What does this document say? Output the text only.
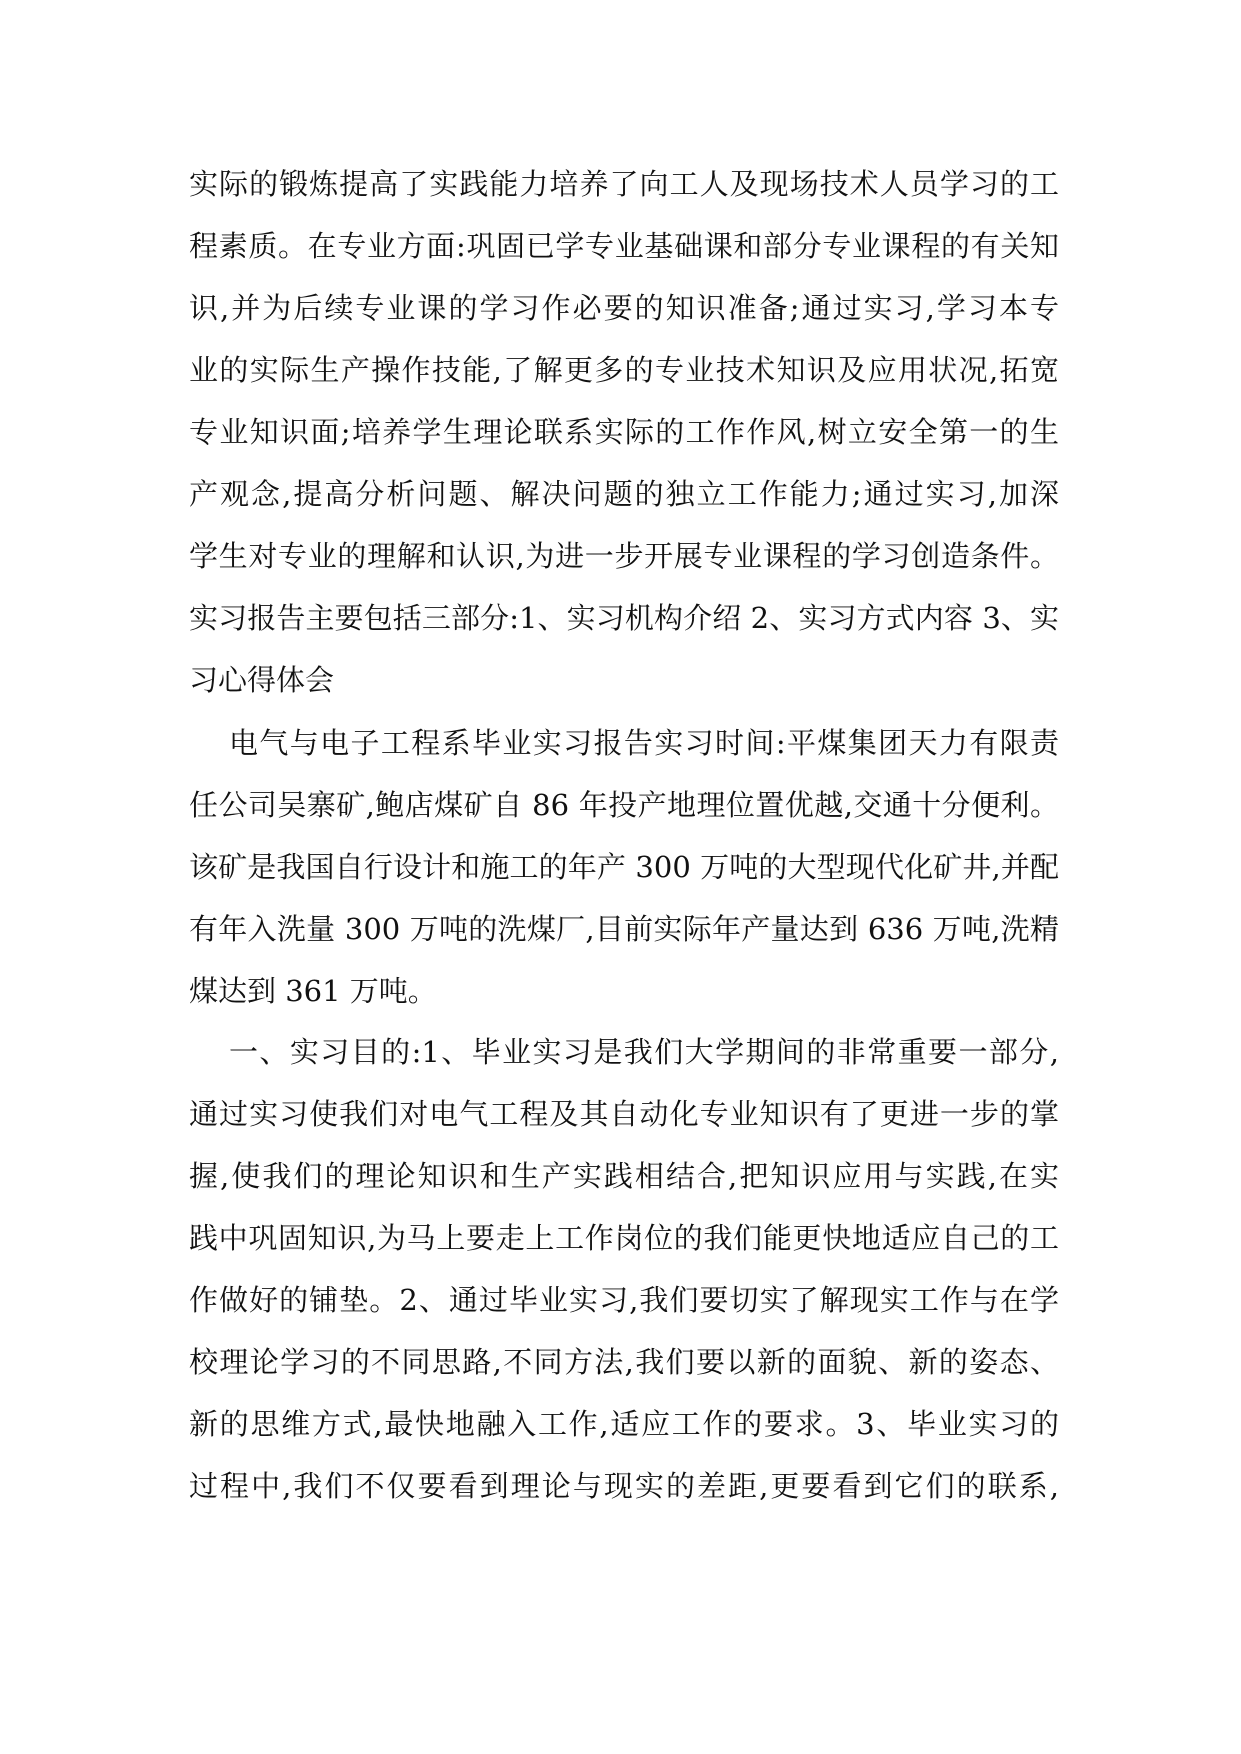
实际的锻炼提高了实践能力培养了向工人及现场技术人员学习的工
程素质。在专业方面:巩固已学专业基础课和部分专业课程的有关知
识,并为后续专业课的学习作必要的知识准备;通过实习,学习本专
业的实际生产操作技能,了解更多的专业技术知识及应用状况,拓宽
专业知识面;培养学生理论联系实际的工作作风,树立安全第一的生
产观念,提高分析问题、解决问题的独立工作能力;通过实习,加深
学生对专业的理解和认识,为进一步开展专业课程的学习创造条件。
实习报告主要包括三部分:1、实习机构介绍 2、实习方式内容 3、实
习心得体会
电气与电子工程系毕业实习报告实习时间:平煤集团天力有限责
任公司吴寨矿,鲍店煤矿自 86 年投产地理位置优越,交通十分便利。
该矿是我国自行设计和施工的年产 300 万吨的大型现代化矿井,并配
有年入洗量 300 万吨的洗煤厂,目前实际年产量达到 636 万吨,洗精
煤达到 361 万吨。
一、实习目的:1、毕业实习是我们大学期间的非常重要一部分,
通过实习使我们对电气工程及其自动化专业知识有了更进一步的掌
握,使我们的理论知识和生产实践相结合,把知识应用与实践,在实
践中巩固知识,为马上要走上工作岗位的我们能更快地适应自己的工
作做好的铺垫。2、通过毕业实习,我们要切实了解现实工作与在学
校理论学习的不同思路,不同方法,我们要以新的面貌、新的姿态、
新的思维方式,最快地融入工作,适应工作的要求。3、毕业实习的
过程中,我们不仅要看到理论与现实的差距,更要看到它们的联系,
